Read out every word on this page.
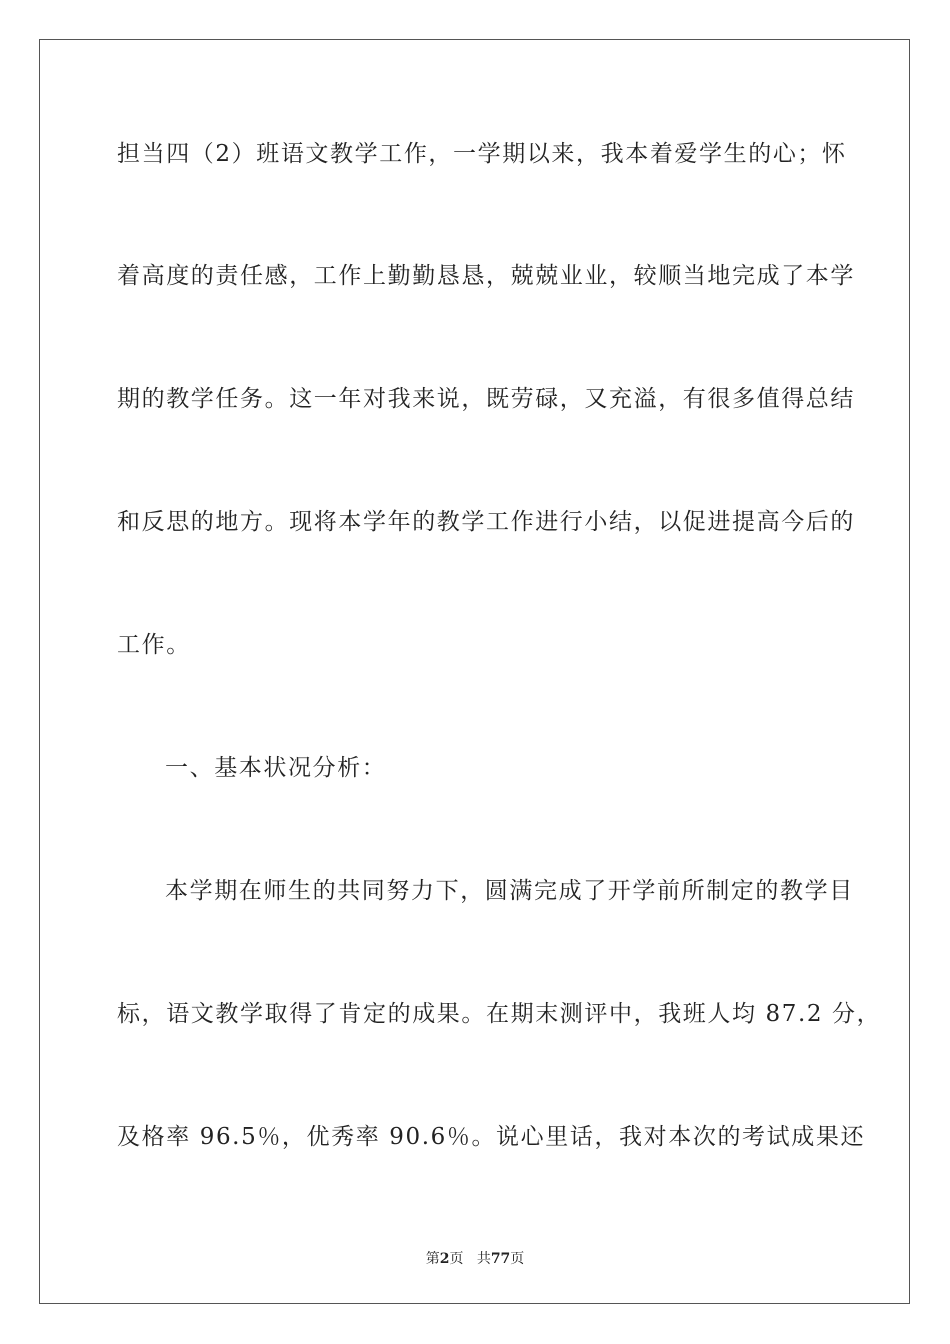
担当四（2）班语文教学工作，一学期以来，我本着爱学生的心；怀
着高度的责任感，工作上勤勤恳恳，兢兢业业，较顺当地完成了本学
期的教学任务。这一年对我来说，既劳碌，又充溢，有很多值得总结
和反思的地方。现将本学年的教学工作进行小结，以促进提高今后的
工作。
一、基本状况分析：
本学期在师生的共同努力下，圆满完成了开学前所制定的教学目
标，语文教学取得了肯定的成果。在期末测评中，我班人均 87.2 分，
及格率 96.5％，优秀率 90.6％。说心里话，我对本次的考试成果还
第2页 共77页
